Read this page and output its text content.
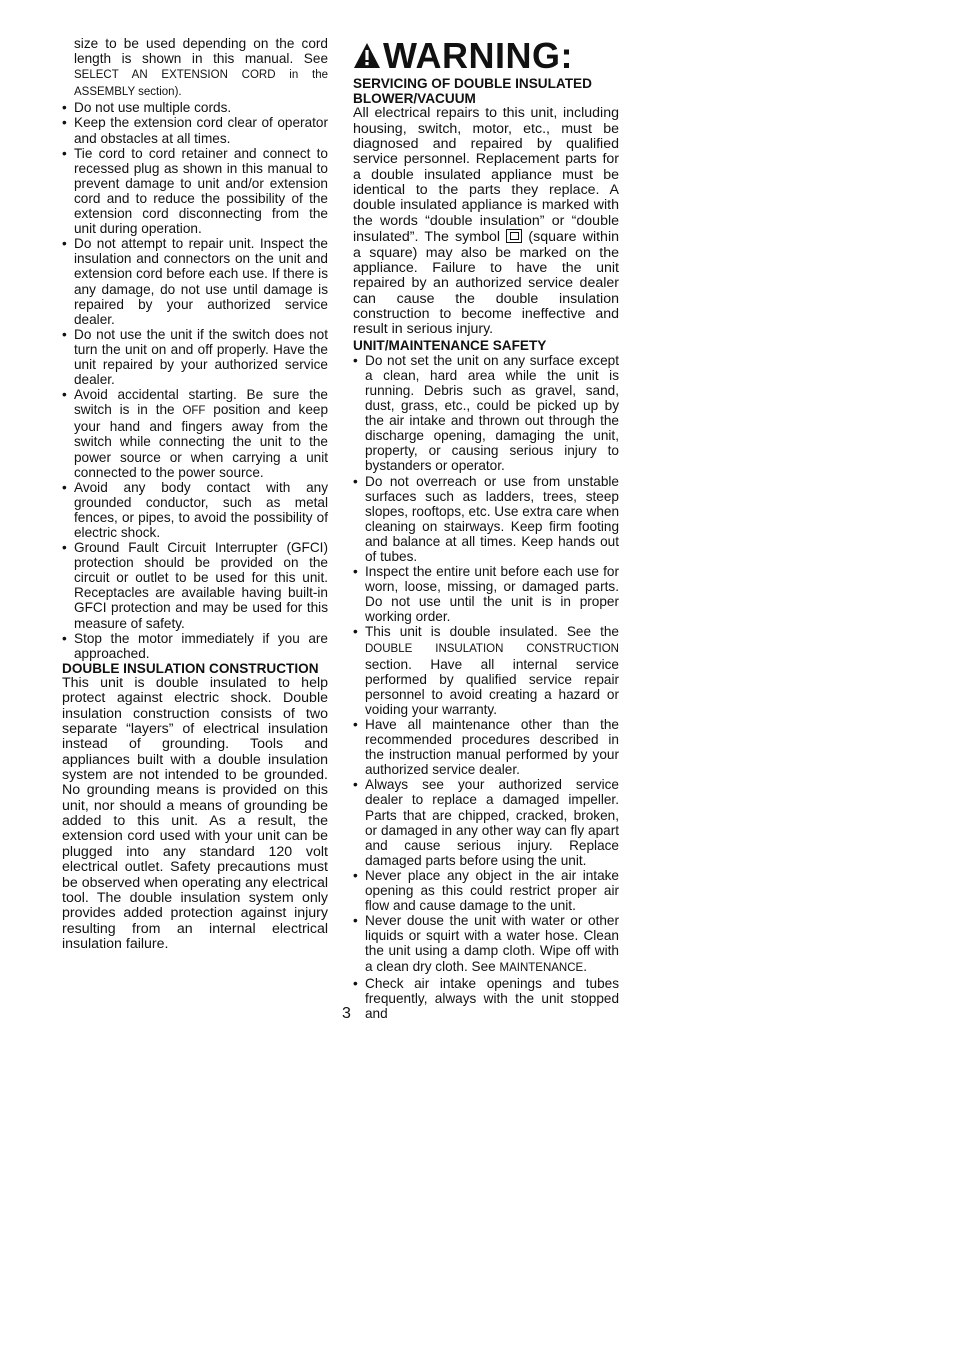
size to be used depending on the cord length is shown in this manual. See SELECT AN EXTENSION CORD in the ASSEMBLY section).

• Do not use multiple cords.
• Keep the extension cord clear of operator and obstacles at all times.
• Tie cord to cord retainer and connect to recessed plug as shown in this manual to prevent damage to unit and/or extension cord and to reduce the possibility of the extension cord disconnecting from the unit during operation.
• Do not attempt to repair unit. Inspect the insulation and connectors on the unit and extension cord before each use. If there is any damage, do not use until damage is repaired by your authorized service dealer.
• Do not use the unit if the switch does not turn the unit on and off properly. Have the unit repaired by your authorized service dealer.
• Avoid accidental starting. Be sure the switch is in the OFF position and keep your hand and fingers away from the switch while connecting the unit to the power source or when carrying a unit connected to the power source.
• Avoid any body contact with any grounded conductor, such as metal fences, or pipes, to avoid the possibility of electric shock.
• Ground Fault Circuit Interrupter (GFCI) protection should be provided on the circuit or outlet to be used for this unit. Receptacles are available having built-in GFCI protection and may be used for this measure of safety.
• Stop the motor immediately if you are approached.
DOUBLE INSULATION CONSTRUCTION

This unit is double insulated to help protect against electric shock. Double insulation construction consists of two separate “layers” of electrical insulation instead of grounding. Tools and appliances built with a double insulation system are not intended to be grounded. No grounding means is provided on this unit, nor should a means of grounding be added to this unit. As a result, the extension cord used with your unit can be plugged into any standard 120 volt electrical outlet. Safety precautions must be observed when operating any electrical tool. The double insulation system only provides added protection against injury resulting from an internal electrical insulation failure.

WARNING:
SERVICING OF DOUBLE INSULATED BLOWER/VACUUM

All electrical repairs to this unit, including housing, switch, motor, etc., must be diagnosed and repaired by qualified service personnel. Replacement parts for a double insulated appliance must be identical to the parts they replace. A double insulated appliance is marked with the words “double insulation” or “double insulated”. The symbol  (square within a square) may also be marked on the appliance. Failure to have the unit repaired by an authorized service dealer can cause the double insulation construction to become ineffective and result in serious injury.

UNIT/MAINTENANCE SAFETY
• Do not set the unit on any surface except a clean, hard area while the unit is running. Debris such as gravel, sand, dust, grass, etc., could be picked up by the air intake and thrown out through the discharge opening, damaging the unit, property, or causing serious injury to bystanders or operator.
• Do not overreach or use from unstable surfaces such as ladders, trees, steep slopes, rooftops, etc. Use extra care when cleaning on stairways. Keep firm footing and balance at all times. Keep hands out of tubes.
• Inspect the entire unit before each use for worn, loose, missing, or damaged parts. Do not use until the unit is in proper working order.
• This unit is double insulated. See the DOUBLE INSULATION CONSTRUCTION section. Have all internal service performed by qualified service repair personnel to avoid creating a hazard or voiding your warranty.
• Have all maintenance other than the recommended procedures described in the instruction manual performed by your authorized service dealer.
• Always see your authorized service dealer to replace a damaged impeller. Parts that are chipped, cracked, broken, or damaged in any other way can fly apart and cause serious injury. Replace damaged parts before using the unit.
• Never place any object in the air intake opening as this could restrict proper air flow and cause damage to the unit.
• Never douse the unit with water or other liquids or squirt with a water hose. Clean the unit using a damp cloth. Wipe off with a clean dry cloth. See MAINTENANCE.
• Check air intake openings and tubes frequently, always with the unit stopped and
3
